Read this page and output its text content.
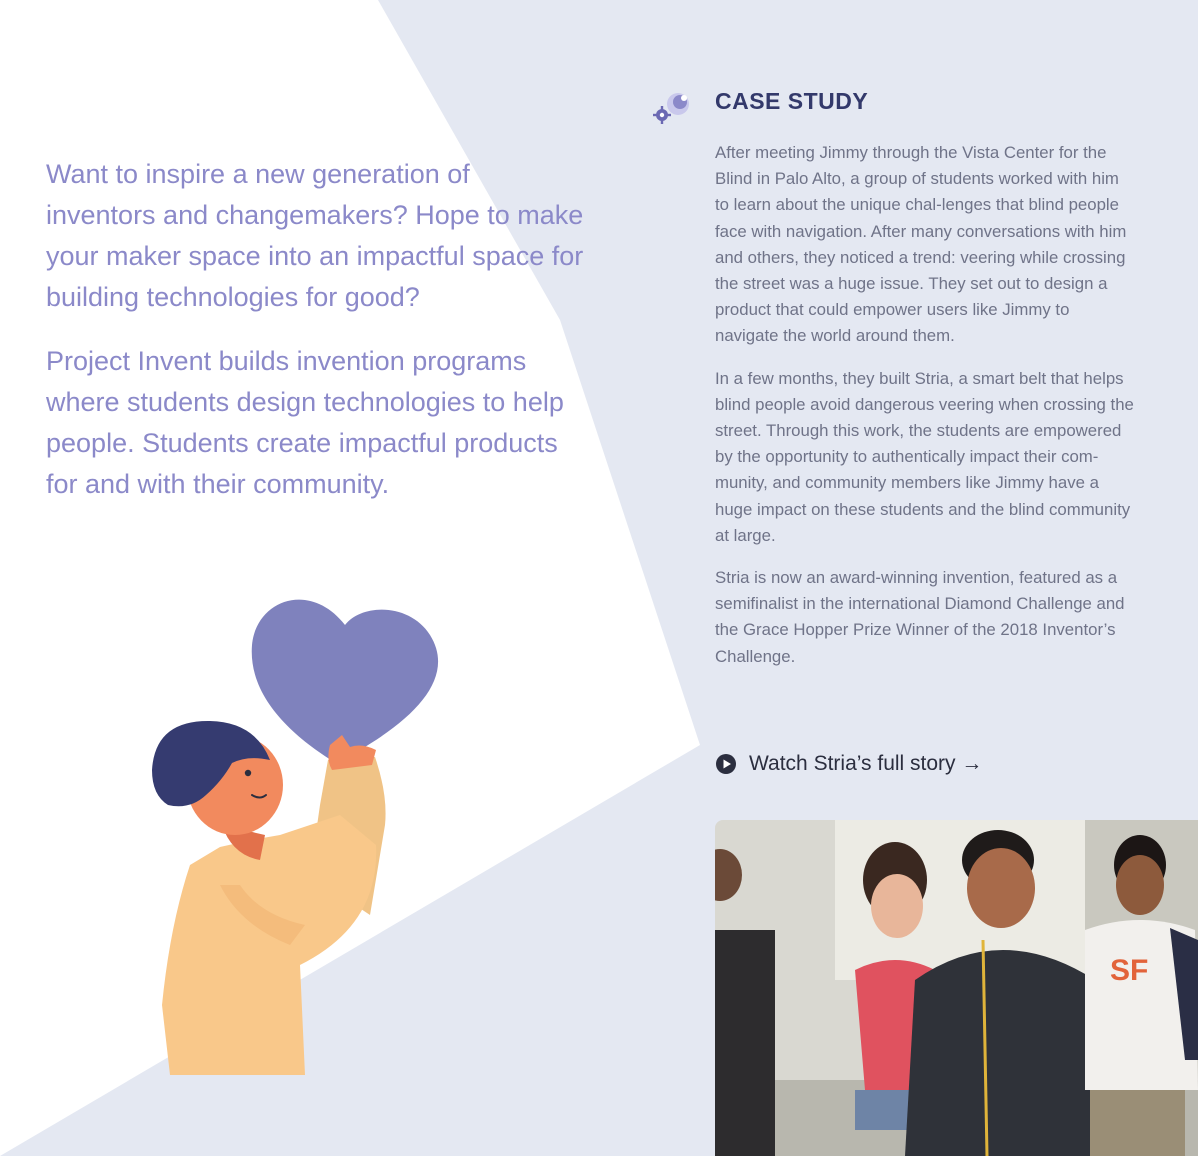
Want to inspire a new generation of inventors and changemakers? Hope to make your maker space into an impactful space for building technologies for good?

Project Invent builds invention programs where students design technologies to help people. Students create impactful products for and with their community.

CASE STUDY

After meeting Jimmy through the Vista Center for the Blind in Palo Alto, a group of students worked with him to learn about the unique chal-lenges that blind people face with navigation. After many conversations with him and others, they noticed a trend: veering while crossing the street was a huge issue. They set out to design a product that could empower users like Jimmy to navigate the world around them.

In a few months, they built Stria, a smart belt that helps blind people avoid dangerous veering when crossing the street. Through this work, the students are empowered by the opportunity to authentically impact their com-munity, and community members like Jimmy have a huge impact on these students and the blind community at large.

Stria is now an award-winning invention, featured as a semifinalist in the international Diamond Challenge and the Grace Hopper Prize Winner of the 2018 Inventor’s Challenge.

Watch Stria’s full story →
SF
